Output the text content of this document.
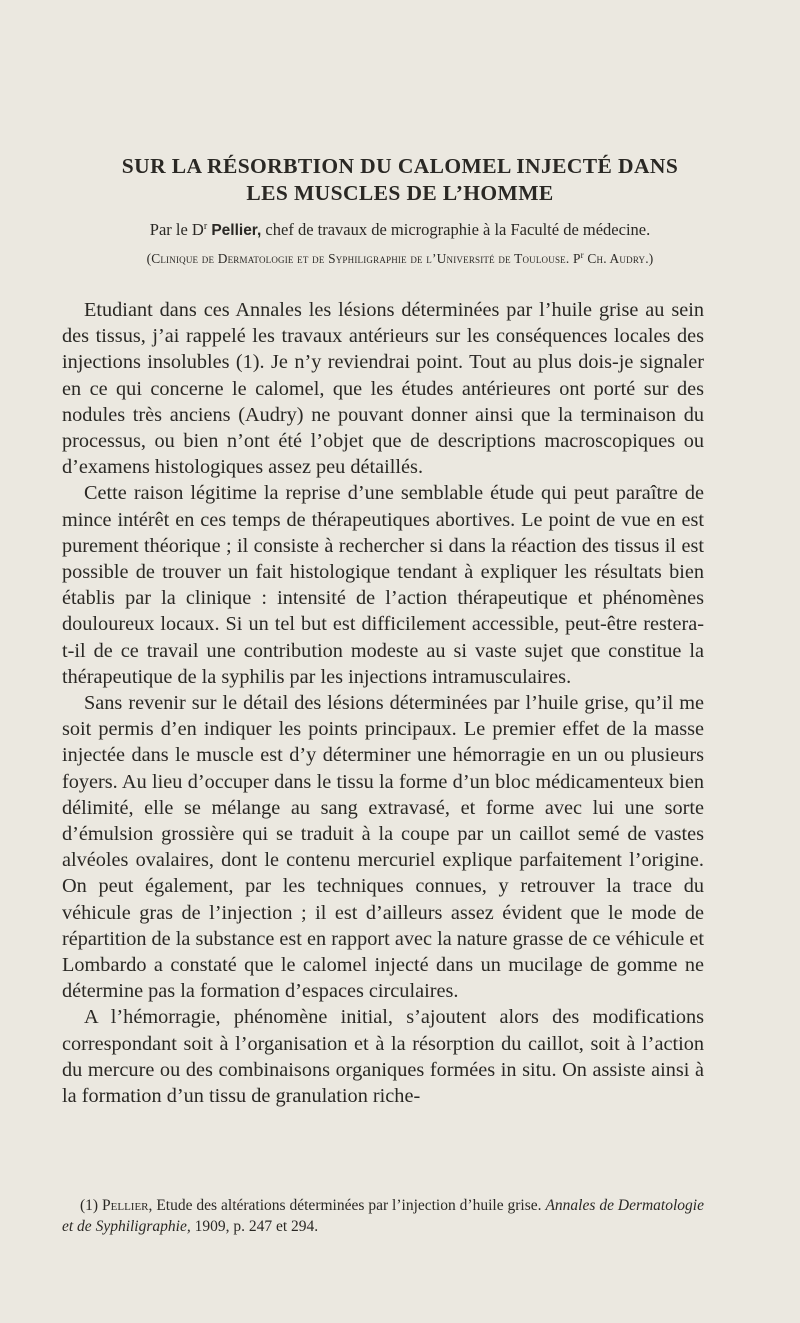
SUR LA RÉSORBTION DU CALOMEL INJECTÉ DANS
LES MUSCLES DE L’HOMME
Par le $D^r$ Pellier, chef de travaux de micrographie à la Faculté de médecine.
(Clinique de Dermatologie et de Syphiligraphie de l’Université de Toulouse. $P^r$ Ch. Audry.)

Etudiant dans ces Annales les lésions déterminées par l’huile grise au sein des tissus, j’ai rappelé les travaux antérieurs sur les conséquences locales des injections insolubles (1). Je n’y reviendrai point. Tout au plus dois-je signaler en ce qui concerne le calomel, que les études antérieures ont porté sur des nodules très anciens (Audry) ne pouvant donner ainsi que la terminaison du processus, ou bien n’ont été l’objet que de descriptions macroscopiques ou d’examens histologiques assez peu détaillés.

Cette raison légitime la reprise d’une semblable étude qui peut paraître de mince intérêt en ces temps de thérapeutiques abortives. Le point de vue en est purement théorique ; il consiste à rechercher si dans la réaction des tissus il est possible de trouver un fait histologique tendant à expliquer les résultats bien établis par la clinique : intensité de l’action thérapeutique et phénomènes douloureux locaux. Si un tel but est difficilement accessible, peut-être restera-t-il de ce travail une contribution modeste au si vaste sujet que constitue la thérapeutique de la syphilis par les injections intramusculaires.

Sans revenir sur le détail des lésions déterminées par l’huile grise, qu’il me soit permis d’en indiquer les points principaux. Le premier effet de la masse injectée dans le muscle est d’y déterminer une hémorragie en un ou plusieurs foyers. Au lieu d’occuper dans le tissu la forme d’un bloc médicamenteux bien délimité, elle se mélange au sang extravasé, et forme avec lui une sorte d’émulsion grossière qui se traduit à la coupe par un caillot semé de vastes alvéoles ovalaires, dont le contenu mercuriel explique parfaitement l’origine. On peut également, par les techniques connues, y retrouver la trace du véhicule gras de l’injection ; il est d’ailleurs assez évident que le mode de répartition de la substance est en rapport avec la nature grasse de ce véhicule et Lombardo a constaté que le calomel injecté dans un mucilage de gomme ne détermine pas la formation d’espaces circulaires.

A l’hémorragie, phénomène initial, s’ajoutent alors des modifications correspondant soit à l’organisation et à la résorption du caillot, soit à l’action du mercure ou des combinaisons organiques formées in situ. On assiste ainsi à la formation d’un tissu de granulation riche-

(1) Pellier, Etude des altérations déterminées par l’injection d’huile grise. Annales de Dermatologie et de Syphiligraphie, 1909, p. 247 et 294.
